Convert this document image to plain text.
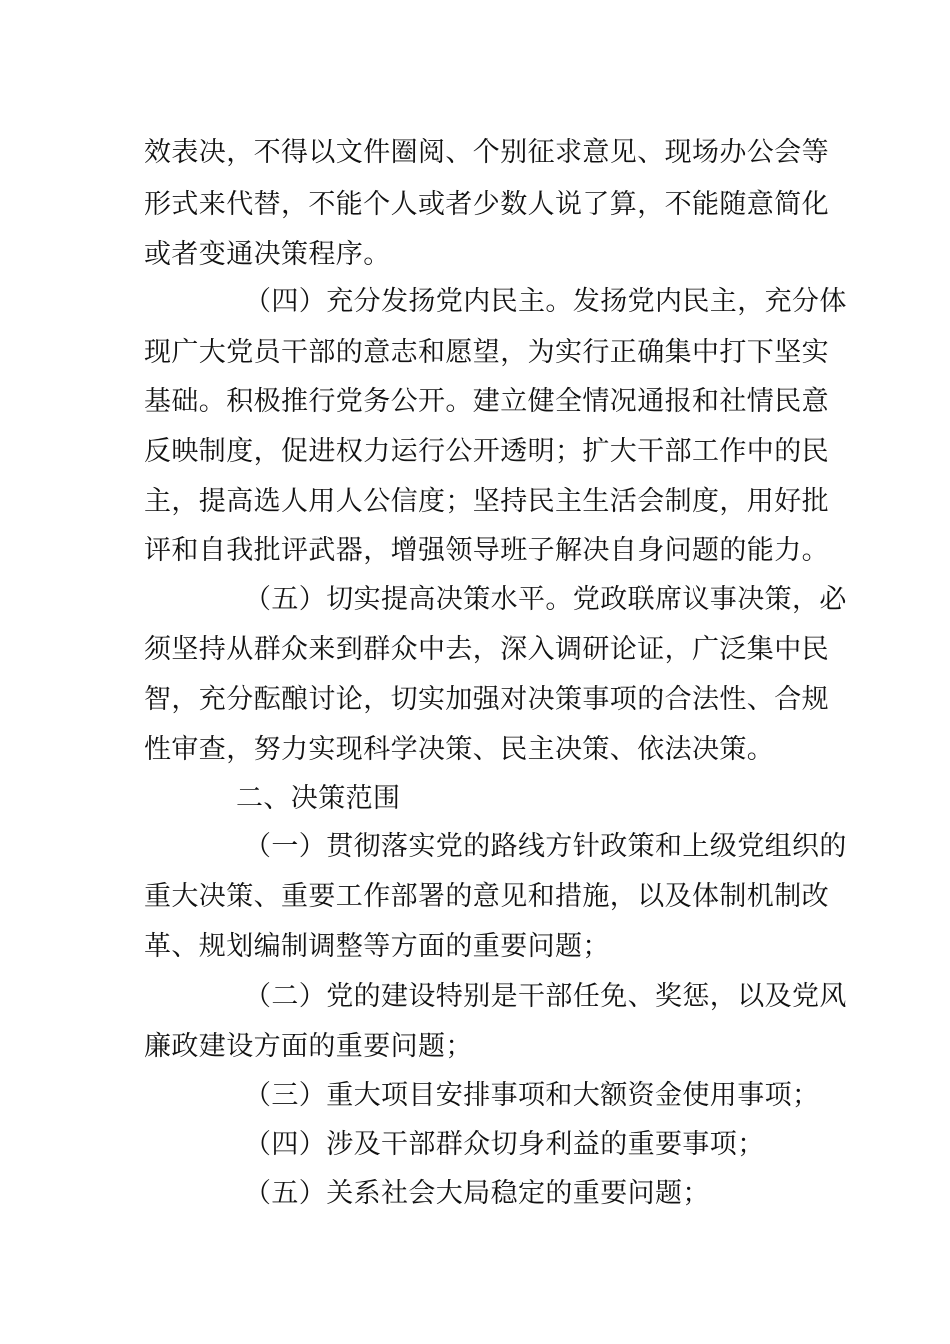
效表决，不得以文件圈阅、个别征求意见、现场办公会等
形式来代替，不能个人或者少数人说了算，不能随意简化
或者变通决策程序。
（四）充分发扬党内民主。发扬党内民主，充分体
现广大党员干部的意志和愿望，为实行正确集中打下坚实
基础。积极推行党务公开。建立健全情况通报和社情民意
反映制度，促进权力运行公开透明；扩大干部工作中的民
主，提高选人用人公信度；坚持民主生活会制度，用好批
评和自我批评武器，增强领导班子解决自身问题的能力。
（五）切实提高决策水平。党政联席议事决策，必
须坚持从群众来到群众中去，深入调研论证，广泛集中民
智，充分酝酿讨论，切实加强对决策事项的合法性、合规
性审查，努力实现科学决策、民主决策、依法决策。
二、决策范围
（一）贯彻落实党的路线方针政策和上级党组织的
重大决策、重要工作部署的意见和措施，以及体制机制改
革、规划编制调整等方面的重要问题；
（二）党的建设特别是干部任免、奖惩，以及党风
廉政建设方面的重要问题；
（三）重大项目安排事项和大额资金使用事项；
（四）涉及干部群众切身利益的重要事项；
（五）关系社会大局稳定的重要问题；
